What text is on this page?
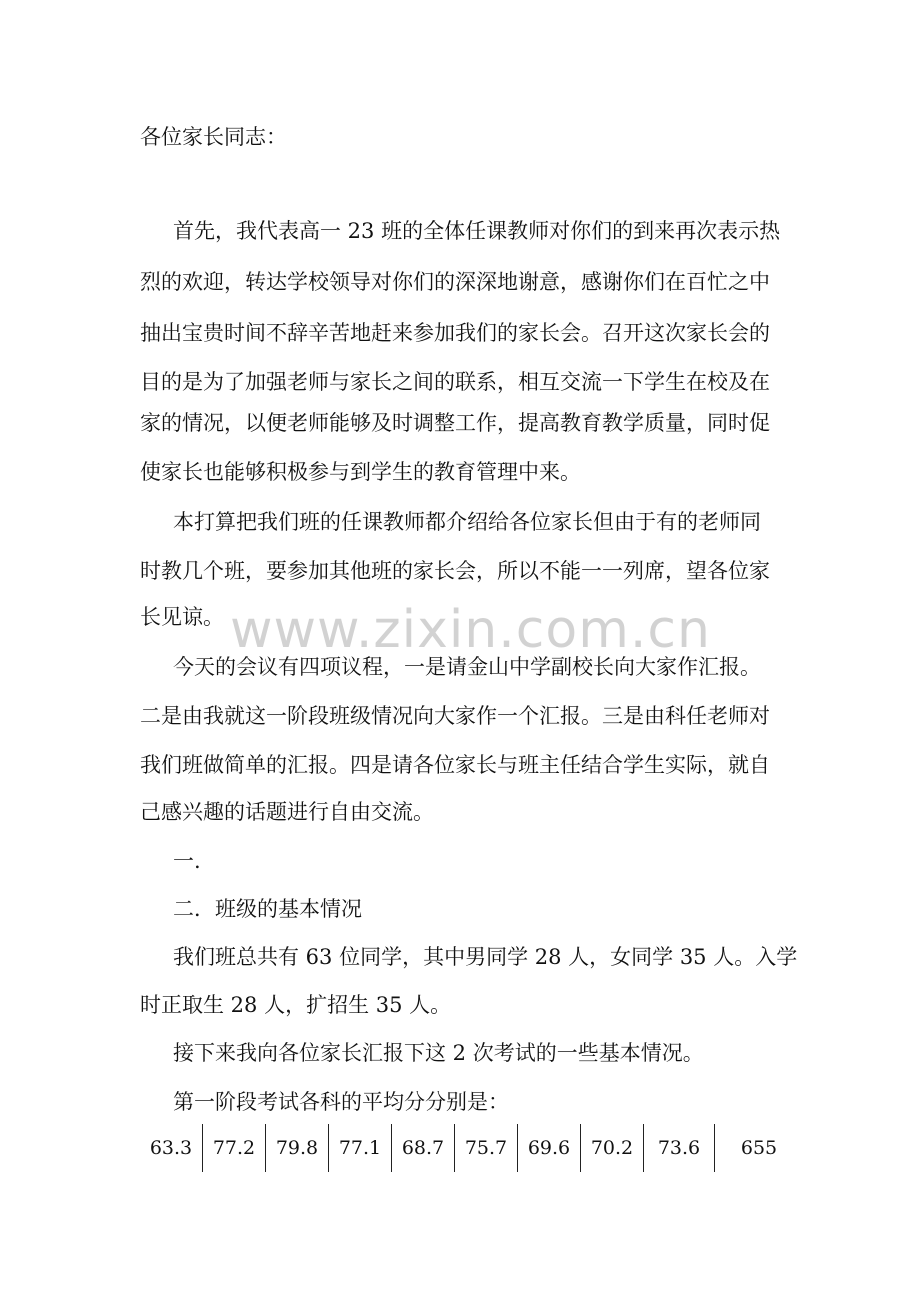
各位家长同志：
首先，我代表高一 23 班的全体任课教师对你们的到来再次表示热
烈的欢迎，转达学校领导对你们的深深地谢意，感谢你们在百忙之中
抽出宝贵时间不辞辛苦地赶来参加我们的家长会。召开这次家长会的
目的是为了加强老师与家长之间的联系，相互交流一下学生在校及在
家的情况，以便老师能够及时调整工作，提高教育教学质量，同时促
使家长也能够积极参与到学生的教育管理中来。
本打算把我们班的任课教师都介绍给各位家长但由于有的老师同
时教几个班，要参加其他班的家长会，所以不能一一列席，望各位家
长见谅。
今天的会议有四项议程，一是请金山中学副校长向大家作汇报。
二是由我就这一阶段班级情况向大家作一个汇报。三是由科任老师对
我们班做简单的汇报。四是请各位家长与班主任结合学生实际，就自
己感兴趣的话题进行自由交流。
一.
二．班级的基本情况
我们班总共有 63 位同学，其中男同学 28 人，女同学 35 人。入学
时正取生 28 人，扩招生 35 人。
接下来我向各位家长汇报下这 2 次考试的一些基本情况。
第一阶段考试各科的平均分分别是：
63.3	77.2	79.8	77.1	68.7	75.7	69.6	70.2	73.6	655
www.zixin.com.cn
